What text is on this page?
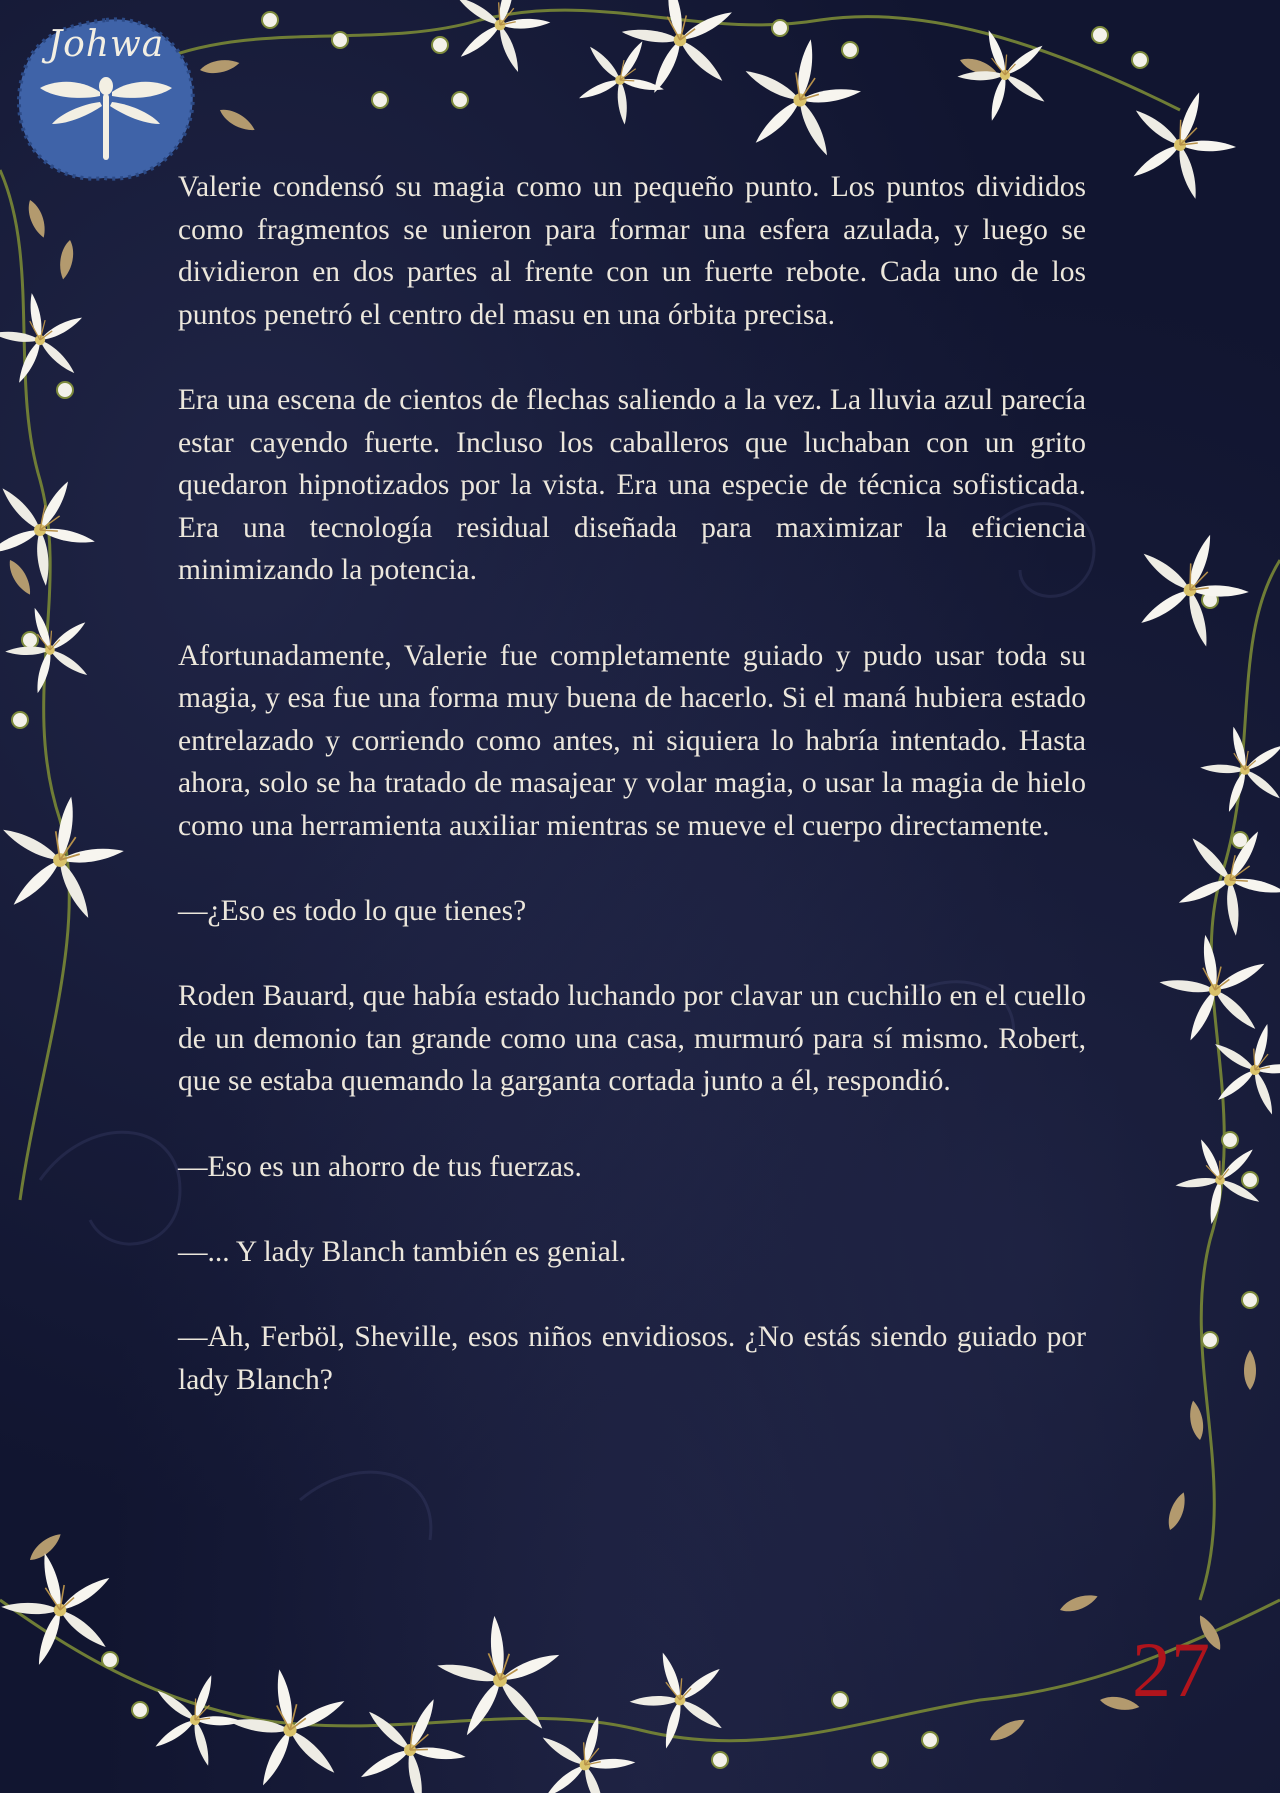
Johwa

Valerie condensó su magia como un pequeño punto. Los puntos divididos como fragmentos se unieron para formar una esfera azulada, y luego se dividieron en dos partes al frente con un fuerte rebote. Cada uno de los puntos penetró el centro del masu en una órbita precisa.

Era una escena de cientos de flechas saliendo a la vez. La lluvia azul parecía estar cayendo fuerte. Incluso los caballeros que luchaban con un grito quedaron hipnotizados por la vista. Era una especie de técnica sofisticada. Era una tecnología residual diseñada para maximizar la eficiencia minimizando la potencia.

Afortunadamente, Valerie fue completamente guiado y pudo usar toda su magia, y esa fue una forma muy buena de hacerlo. Si el maná hubiera estado entrelazado y corriendo como antes, ni siquiera lo habría intentado. Hasta ahora, solo se ha tratado de masajear y volar magia, o usar la magia de hielo como una herramienta auxiliar mientras se mueve el cuerpo directamente.

—¿Eso es todo lo que tienes?

Roden Bauard, que había estado luchando por clavar un cuchillo en el cuello de un demonio tan grande como una casa, murmuró para sí mismo. Robert, que se estaba quemando la garganta cortada junto a él, respondió.

—Eso es un ahorro de tus fuerzas.

—... Y lady Blanch también es genial.

—Ah, Ferböl, Sheville, esos niños envidiosos. ¿No estás siendo guiado por lady Blanch?

27
